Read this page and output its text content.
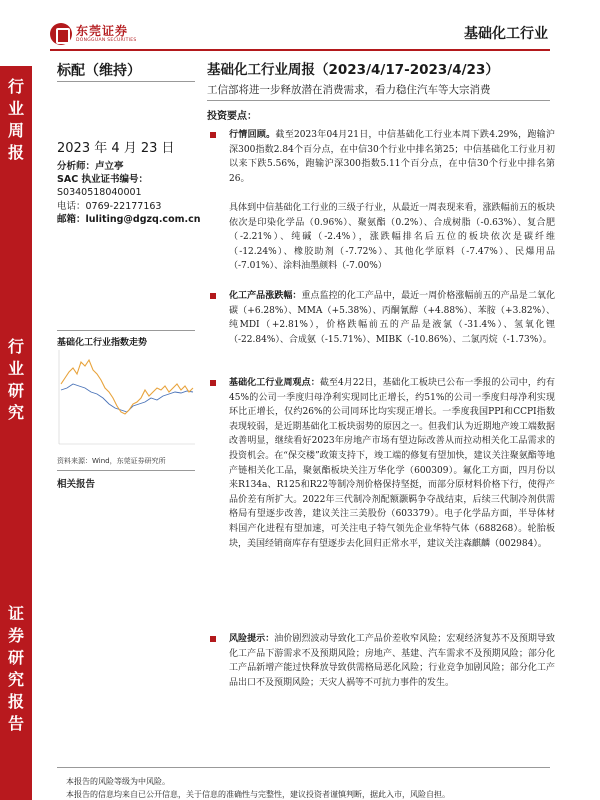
东莞证券
DONGGUAN SECURITIES	基础化工行业
行
业
周
报
行
业
研
究
证
券
研
究
报
告
标配（维持）
2023 年 4 月 23 日
分析师：卢立亭
SAC 执业证书编号：
S0340518040001
电话：0769-22177163
邮箱：luliting@dgzq.com.cn
基础化工行业指数走势
资料来源：Wind，东莞证券研究所
相关报告
基础化工行业周报（2023/4/17-2023/4/23）
工信部将进一步释放潜在消费需求，看力稳住汽车等大宗消费
投资要点：
行情回顾。截至2023年04月21日，中信基础化工行业本周下跌4.29%，跑输沪深300指数2.84个百分点，在中信30个行业中排名第25；中信基础化工行业月初以来下跌5.56%，跑输沪深300指数5.11个百分点，在中信30个行业中排名第26。
具体到中信基础化工行业的三级子行业，从最近一周表现来看，涨跌幅前五的板块依次是印染化学品（0.96%）、聚氨酯（0.2%）、合成树脂（-0.63%）、复合肥（-2.21%）、纯碱（-2.4%），涨跌幅排名后五位的板块依次是碳纤维（-12.24%）、橡胶助剂（-7.72%）、其他化学原料（-7.47%）、民爆用品（-7.01%）、涂料油墨颜料（-7.00%）
化工产品涨跌幅：重点监控的化工产品中，最近一周价格涨幅前五的产品是二氧化碳（+6.28%）、MMA（+5.38%）、丙酮氰醇（+4.88%）、苯胺（+3.82%）、纯MDI（+2.81%），价格跌幅前五的产品是液氯（-31.4%）、氢氧化锂（-22.84%）、合成氨（-15.71%）、MIBK（-10.86%）、二氯丙烷（-1.73%）。
基础化工行业周观点：截至4月22日，基础化工板块已公布一季报的公司中，约有45%的公司一季度归母净利实现同比正增长，约51%的公司一季度归母净利实现环比正增长，仅约26%的公司同环比均实现正增长。一季度我国PPI和CCPI指数表现较弱，是近期基础化工板块弱势的原因之一。但我们认为近期地产竣工端数据改善明显，继续看好2023年房地产市场有望边际改善从而拉动相关化工品需求的投资机会。在“保交楼”政策支持下，竣工端的修复有望加快，建议关注聚氨酯等地产链相关化工品，聚氨酯板块关注万华化学（600309）。氟化工方面，四月份以来R134a、R125和R22等制冷剂价格保持坚挺，而部分原材料价格下行，使得产品价差有所扩大。2022年三代制冷剂配额灏羁争夺战结束，后续三代制冷剂供需格局有望逐步改善，建议关注三美股份（603379）。电子化学品方面，半导体材料国产化进程有望加速，可关注电子特气领先企业华特气体（688268）。轮胎板块，美国经销商库存有望逐步去化回归正常水平，建议关注森麒麟（002984）。
风险提示：油价剧烈波动导致化工产品价差收窄风险；宏观经济复苏不及预期导致化工产品下游需求不及预期风险；房地产、基建、汽车需求不及预期风险；部分化工产品新增产能过快释放导致供需格局恶化风险；行业竞争加剧风险；部分化工产品出口不及预期风险；天灾人祸等不可抗力事件的发生。
本报告的风险等级为中风险。
本报告的信息均来自已公开信息，关于信息的准确性与完整性，建议投资者谨慎判断，据此入市，风险自担。
